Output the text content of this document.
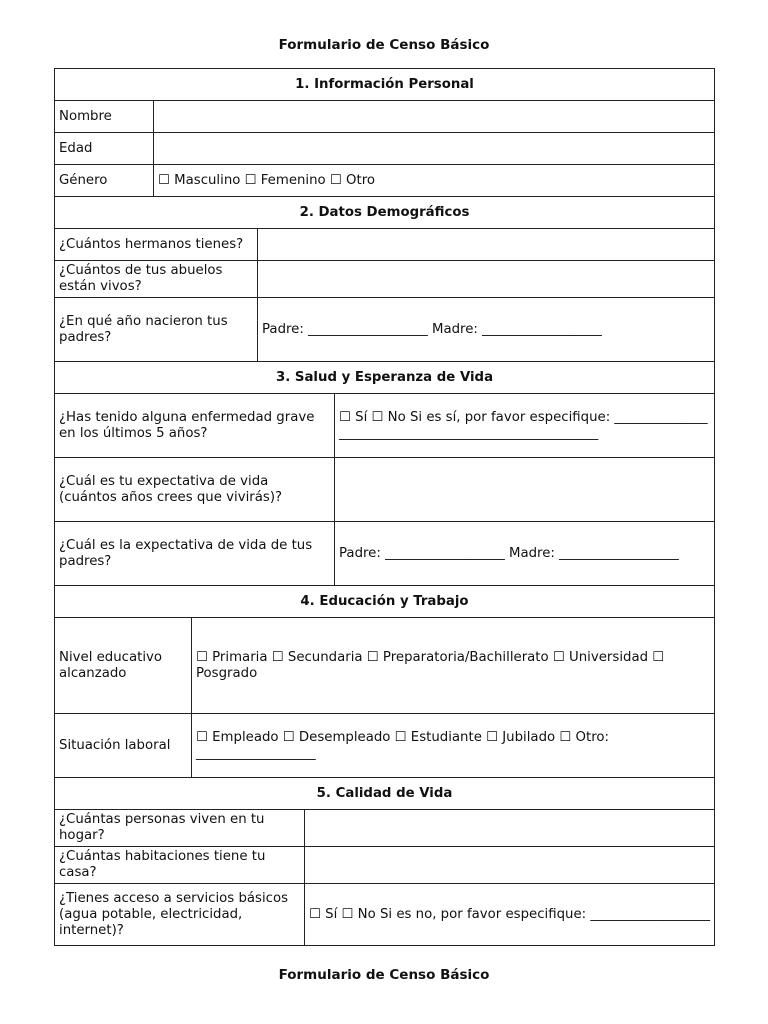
Formulario de Censo Básico
1. Información Personal	
Nombre	
Edad	
Género	☐ Masculino ☐ Femenino ☐ Otro
2. Datos Demográficos	
¿Cuántos hermanos tienes?	
¿Cuántos de tus abuelos están vivos?	
¿En qué año nacieron tus padres?	Padre: __________________ Madre: __________________
3. Salud y Esperanza de Vida	
¿Has tenido alguna enfermedad grave en los últimos 5 años?	☐ Sí ☐ No Si es sí, por favor especifique: _____________________________________________________
¿Cuál es tu expectativa de vida (cuántos años crees que vivirás)?	
¿Cuál es la expectativa de vida de tus padres?	Padre: __________________ Madre: __________________
4. Educación y Trabajo	
Nivel educativo alcanzado	☐ Primaria ☐ Secundaria ☐ Preparatoria/Bachillerato ☐ Universidad ☐ Posgrado
Situación laboral	☐ Empleado ☐ Desempleado ☐ Estudiante ☐ Jubilado ☐ Otro: __________________
5. Calidad de Vida	
¿Cuántas personas viven en tu hogar?	
¿Cuántas habitaciones tiene tu casa?	
¿Tienes acceso a servicios básicos (agua potable, electricidad, internet)?	☐ Sí ☐ No Si es no, por favor especifique: __________________
Formulario de Censo Básico
